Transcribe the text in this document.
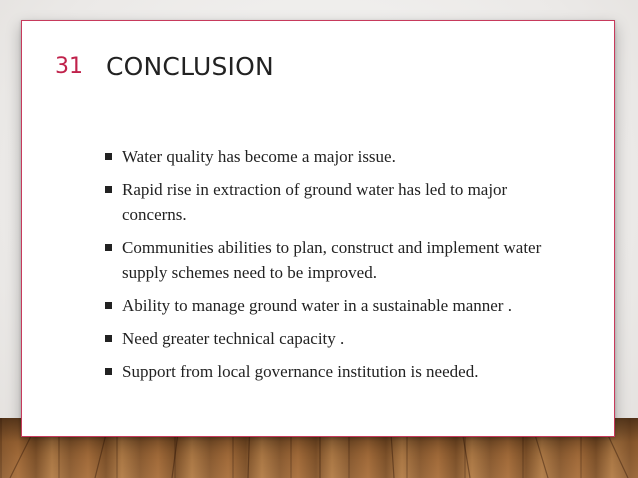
31 CONCLUSION
Water quality has become a major issue.
Rapid rise in extraction of ground water has led to major concerns.
Communities abilities to plan, construct and implement water supply schemes need to be improved.
Ability to manage ground water in a sustainable manner .
Need greater technical capacity .
Support from local governance institution is needed.
